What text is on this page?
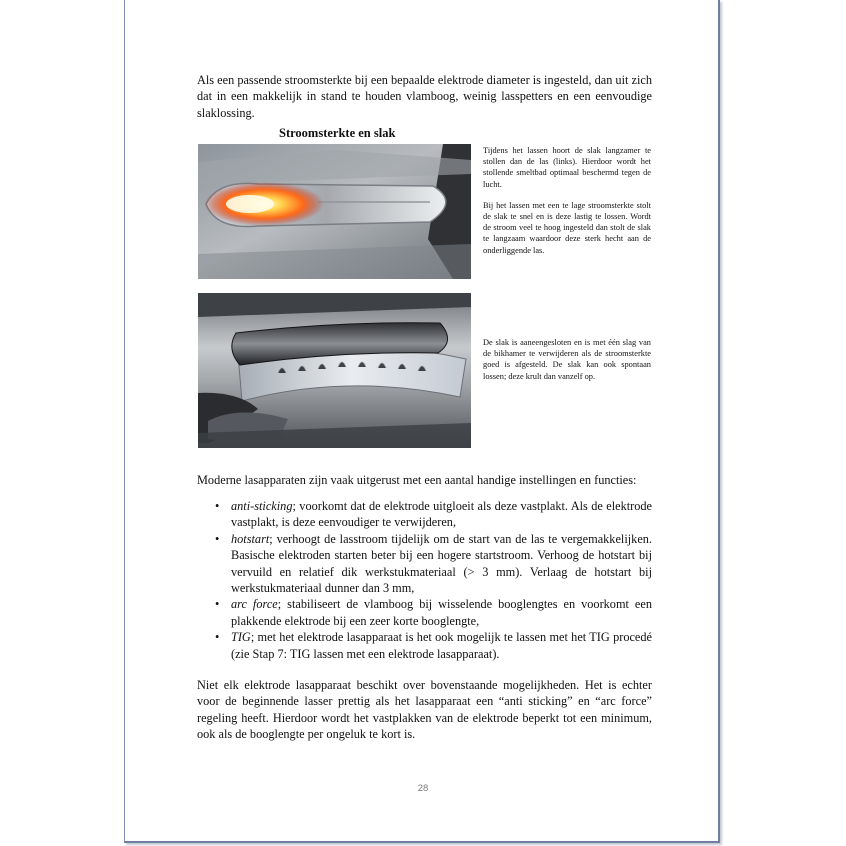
Als een passende stroomsterkte bij een bepaalde elektrode diameter is ingesteld, dan uit zich dat in een makkelijk in stand te houden vlamboog, weinig lasspetters en een eenvoudige slaklossing.

Stroomsterkte en slak

Tijdens het lassen hoort de slak langzamer te stollen dan de las (links). Hierdoor wordt het stollende smeltbad optimaal beschermd tegen de lucht.

Bij het lassen met een te lage stroomsterkte stolt de slak te snel en is deze lastig te lossen. Wordt de stroom veel te hoog ingesteld dan stolt de slak te langzaam waardoor deze sterk hecht aan de onderliggende las.

De slak is aaneengesloten en is met één slag van de bikhamer te verwijderen als de stroomsterkte goed is afgesteld. De slak kan ook spontaan lossen; deze krult dan vanzelf op.

Moderne lasapparaten zijn vaak uitgerust met een aantal handige instellingen en functies:

• anti-sticking; voorkomt dat de elektrode uitgloeit als deze vastplakt. Als de elektrode vastplakt, is deze eenvoudiger te verwijderen,
• hotstart; verhoogt de lasstroom tijdelijk om de start van de las te vergemakkelijken. Basische elektroden starten beter bij een hogere startstroom. Verhoog de hotstart bij vervuild en relatief dik werkstukmateriaal (> 3 mm). Verlaag de hotstart bij werkstukmateriaal dunner dan 3 mm,
• arc force; stabiliseert de vlamboog bij wisselende booglengtes en voorkomt een plakkende elektrode bij een zeer korte booglengte,
• TIG; met het elektrode lasapparaat is het ook mogelijk te lassen met het TIG procedé (zie Stap 7: TIG lassen met een elektrode lasapparaat).

Niet elk elektrode lasapparaat beschikt over bovenstaande mogelijkheden. Het is echter voor de beginnende lasser prettig als het lasapparaat een “anti sticking” en “arc force” regeling heeft. Hierdoor wordt het vastplakken van de elektrode beperkt tot een minimum, ook als de booglengte per ongeluk te kort is.

28
